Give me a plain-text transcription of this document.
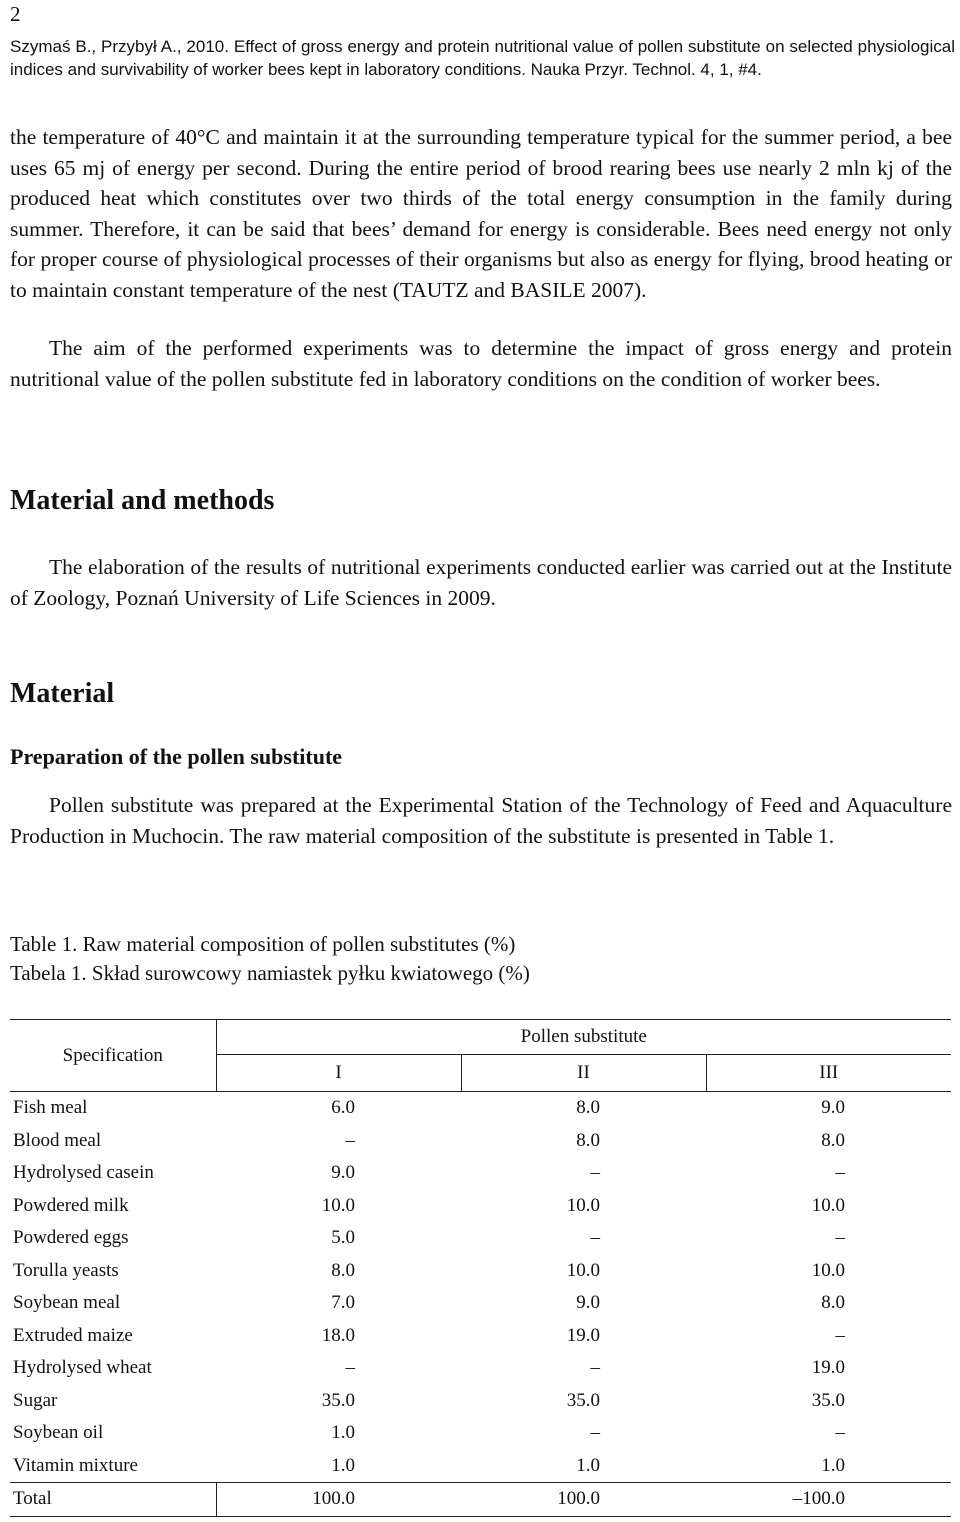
2
Szymaś B., Przybył A., 2010. Effect of gross energy and protein nutritional value of pollen substitute on selected physiological indices and survivability of worker bees kept in laboratory conditions. Nauka Przyr. Technol. 4, 1, #4.
the temperature of 40°C and maintain it at the surrounding temperature typical for the summer period, a bee uses 65 mj of energy per second. During the entire period of brood rearing bees use nearly 2 mln kj of the produced heat which constitutes over two thirds of the total energy consumption in the family during summer. Therefore, it can be said that bees’ demand for energy is considerable. Bees need energy not only for proper course of physiological processes of their organisms but also as energy for flying, brood heating or to maintain constant temperature of the nest (TAUTZ and BASILE 2007).
The aim of the performed experiments was to determine the impact of gross energy and protein nutritional value of the pollen substitute fed in laboratory conditions on the condition of worker bees.
Material and methods
The elaboration of the results of nutritional experiments conducted earlier was carried out at the Institute of Zoology, Poznań University of Life Sciences in 2009.
Material
Preparation of the pollen substitute
Pollen substitute was prepared at the Experimental Station of the Technology of Feed and Aquaculture Production in Muchocin. The raw material composition of the substitute is presented in Table 1.
Table 1. Raw material composition of pollen substitutes (%)
Tabela 1. Skład surowcowy namiastek pyłku kwiatowego (%)
Specification	Pollen substitute		
	I	II	III
Fish meal	6.0	8.0	9.0
Blood meal	–	8.0	8.0
Hydrolysed casein	9.0	–	–
Powdered milk	10.0	10.0	10.0
Powdered eggs	5.0	–	–
Torulla yeasts	8.0	10.0	10.0
Soybean meal	7.0	9.0	8.0
Extruded maize	18.0	19.0	–
Hydrolysed wheat	–	–	19.0
Sugar	35.0	35.0	35.0
Soybean oil	1.0	–	–
Vitamin mixture	1.0	1.0	1.0
Total	100.0	100.0	–100.0
